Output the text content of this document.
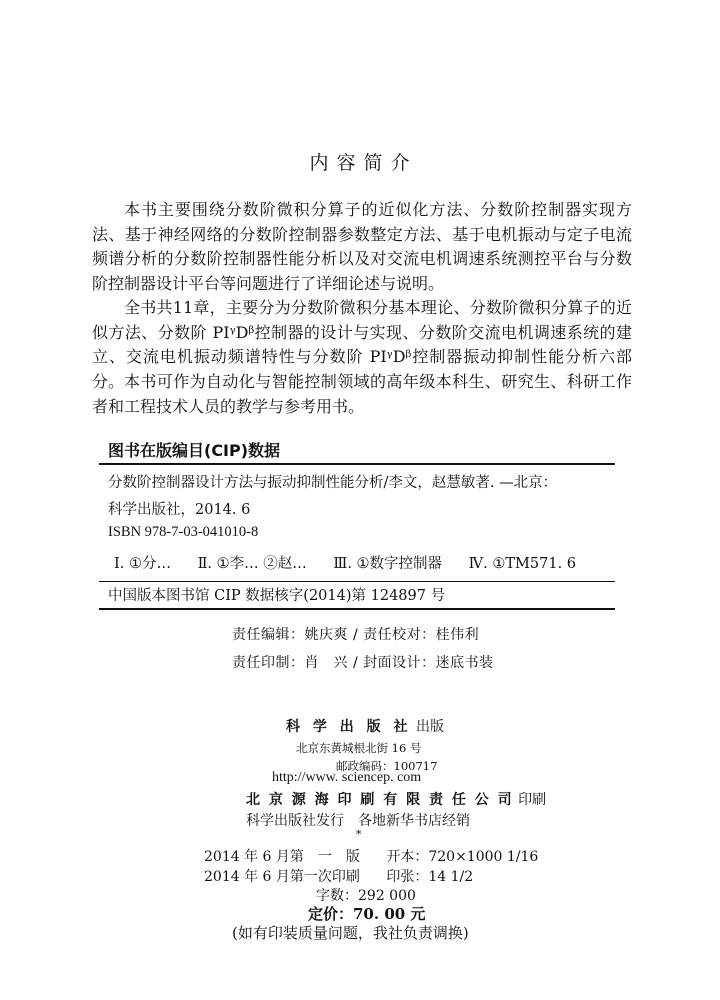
内 容 简 介

本书主要围绕分数阶微积分算子的近似化方法、分数阶控制器实现方法、基于神经网络的分数阶控制器参数整定方法、基于电机振动与定子电流频谱分析的分数阶控制器性能分析以及对交流电机调速系统测控平台与分数阶控制器设计平台等问题进行了详细论述与说明。

全书共11章，主要分为分数阶微积分基本理论、分数阶微积分算子的近似方法、分数阶 PIᵞDᵝ控制器的设计与实现、分数阶交流电机调速系统的建立、交流电机振动频谱特性与分数阶 PIᵞDᵝ控制器振动抑制性能分析六部分。 本书可作为自动化与智能控制领域的高年级本科生、研究生、科研工作者和工程技术人员的教学与参考用书。

图书在版编目(CIP)数据
分数阶控制器设计方法与振动抑制性能分析/李文，赵慧敏著. —北京：
科学出版社，2014. 6
ISBN 978-7-03-041010-8
Ⅰ. ①分… Ⅱ. ①李… ②赵… Ⅲ. ①数字控制器 Ⅳ. ①TM571. 6
中国版本图书馆 CIP 数据核字(2014)第 124897 号
责任编辑：姚庆爽 / 责任校对：桂伟利
责任印制：肖　兴 / 封面设计：迷底书装
科 学 出 版 社 出版
北京东黄城根北街 16 号
邮政编码：100717
http://www. sciencep. com
北 京 源 海 印 刷 有 限 责 任 公 司 印刷
科学出版社发行　各地新华书店经销
*
2014 年 6 月第　一　版 开本：720×1000 1/16
2014 年 6 月第一次印刷 印张：14 1/2
字数：292 000
定价：70. 00 元
(如有印装质量问题，我社负责调换)
